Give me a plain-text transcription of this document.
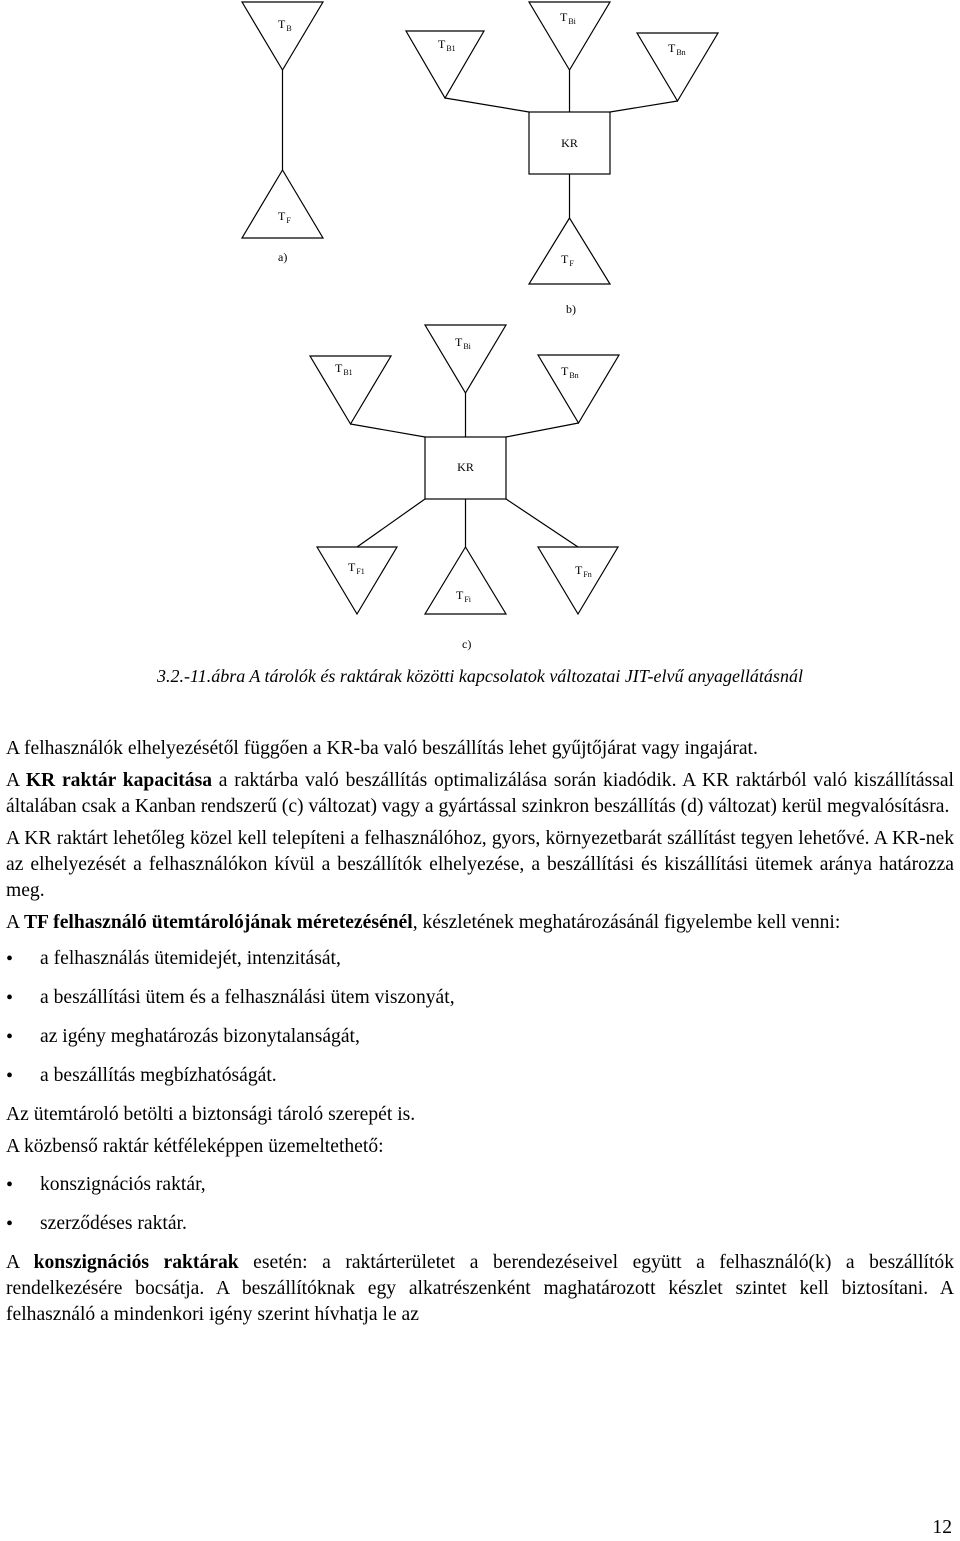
$T_B$
$T_F$
a)
$T_{B1}$
$T_{Bi}$
$T_{Bn}$
KR
$T_F$
b)
$T_{B1}$
$T_{Bi}$
$T_{Bn}$
KR
$T_{F1}$
$T_{Fi}$
$T_{Fn}$
c)
3.2.-11.ábra A tárolók és raktárak közötti kapcsolatok változatai JIT-elvű anyagellátásnál

A felhasználók elhelyezésétől függően a KR-ba való beszállítás lehet gyűjtőjárat vagy ingajárat.

A KR raktár kapacitása a raktárba való beszállítás optimalizálása során kiadódik. A KR raktárból való kiszállítással általában csak a Kanban rendszerű (c) változat) vagy a gyártással szinkron beszállítás (d) változat) kerül megvalósításra.

A KR raktárt lehetőleg közel kell telepíteni a felhasználóhoz, gyors, környezetbarát szállítást tegyen lehetővé. A KR-nek az elhelyezését a felhasználókon kívül a beszállítók elhelyezése, a beszállítási és kiszállítási ütemek aránya határozza meg.

A TF felhasználó ütemtárolójának méretezésénél, készletének meghatározásánál figyelembe kell venni:

• a felhasználás ütemidejét, intenzitását,
• a beszállítási ütem és a felhasználási ütem viszonyát,
• az igény meghatározás bizonytalanságát,
• a beszállítás megbízhatóságát.

Az ütemtároló betölti a biztonsági tároló szerepét is.

A közbenső raktár kétféleképpen üzemeltethető:

• konszignációs raktár,
• szerződéses raktár.

A konszignációs raktárak esetén: a raktárterületet a berendezéseivel együtt a felhasználó(k) a beszállítók rendelkezésére bocsátja. A beszállítóknak egy alkatrészenként maghatározott készlet szintet kell biztosítani. A felhasználó a mindenkori igény szerint hívhatja le az

12
